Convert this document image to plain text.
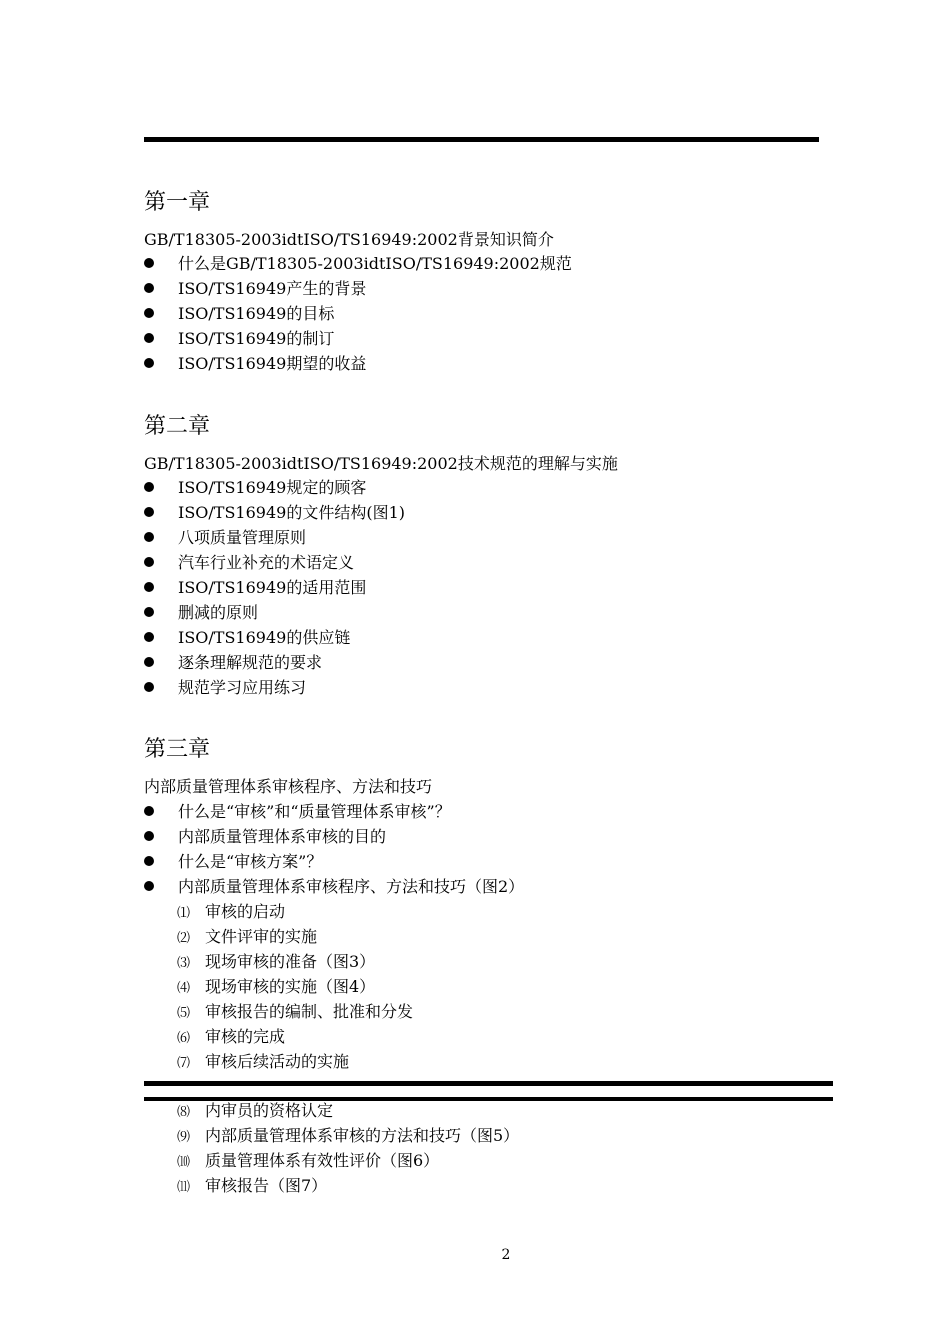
第一章
GB/T18305-2003idtISO/TS16949:2002背景知识简介
什么是GB/T18305-2003idtISO/TS16949:2002规范
ISO/TS16949产生的背景
ISO/TS16949的目标
ISO/TS16949的制订
ISO/TS16949期望的收益
第二章
GB/T18305-2003idtISO/TS16949:2002技术规范的理解与实施
ISO/TS16949规定的顾客
ISO/TS16949的文件结构(图1)
八项质量管理原则
汽车行业补充的术语定义
ISO/TS16949的适用范围
删减的原则
ISO/TS16949的供应链
逐条理解规范的要求
规范学习应用练习
第三章
内部质量管理体系审核程序、方法和技巧
什么是“审核”和“质量管理体系审核”？
内部质量管理体系审核的目的
什么是“审核方案”？
内部质量管理体系审核程序、方法和技巧（图2）
⑴ 审核的启动
⑵ 文件评审的实施
⑶ 现场审核的准备（图3）
⑷ 现场审核的实施（图4）
⑸ 审核报告的编制、批准和分发
⑹ 审核的完成
⑺ 审核后续活动的实施
⑻ 内审员的资格认定
⑼ 内部质量管理体系审核的方法和技巧（图5）
⑽ 质量管理体系有效性评价（图6）
⑾ 审核报告（图7）
2
